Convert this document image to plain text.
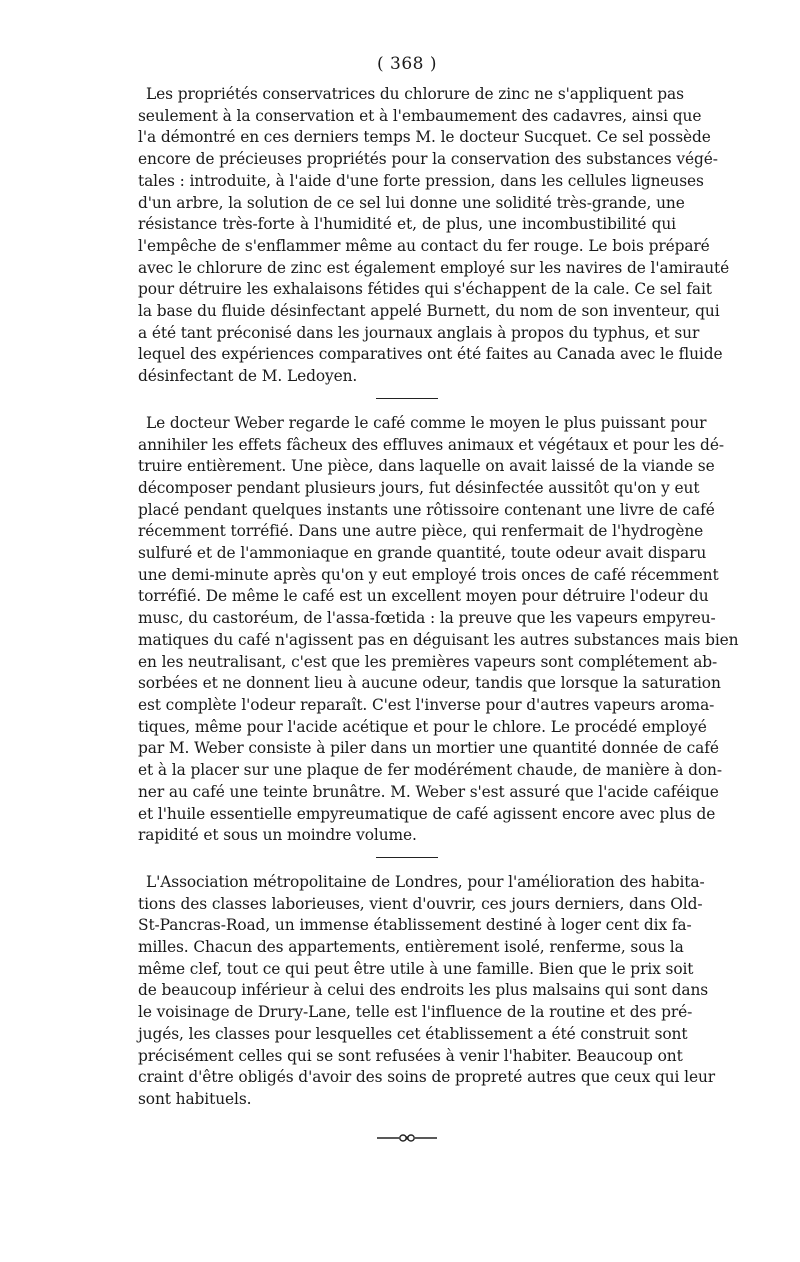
( 368 )
Les propriétés conservatrices du chlorure de zinc ne s'appliquent pas
seulement à la conservation et à l'embaumement des cadavres, ainsi que
l'a démontré en ces derniers temps M. le docteur Sucquet. Ce sel possède
encore de précieuses propriétés pour la conservation des substances végé-
tales : introduite, à l'aide d'une forte pression, dans les cellules ligneuses
d'un arbre, la solution de ce sel lui donne une solidité très-grande, une
résistance très-forte à l'humidité et, de plus, une incombustibilité qui
l'empêche de s'enflammer même au contact du fer rouge. Le bois préparé
avec le chlorure de zinc est également employé sur les navires de l'amirauté
pour détruire les exhalaisons fétides qui s'échappent de la cale. Ce sel fait
la base du fluide désinfectant appelé Burnett, du nom de son inventeur, qui
a été tant préconisé dans les journaux anglais à propos du typhus, et sur
lequel des expériences comparatives ont été faites au Canada avec le fluide
désinfectant de M. Ledoyen.
Le docteur Weber regarde le café comme le moyen le plus puissant pour
annihiler les effets fâcheux des effluves animaux et végétaux et pour les dé-
truire entièrement. Une pièce, dans laquelle on avait laissé de la viande se
décomposer pendant plusieurs jours, fut désinfectée aussitôt qu'on y eut
placé pendant quelques instants une rôtissoire contenant une livre de café
récemment torréfié. Dans une autre pièce, qui renfermait de l'hydrogène
sulfuré et de l'ammoniaque en grande quantité, toute odeur avait disparu
une demi-minute après qu'on y eut employé trois onces de café récemment
torréfié. De même le café est un excellent moyen pour détruire l'odeur du
musc, du castoréum, de l'assa-fœtida : la preuve que les vapeurs empyreu-
matiques du café n'agissent pas en déguisant les autres substances mais bien
en les neutralisant, c'est que les premières vapeurs sont complétement ab-
sorbées et ne donnent lieu à aucune odeur, tandis que lorsque la saturation
est complète l'odeur reparaît. C'est l'inverse pour d'autres vapeurs aroma-
tiques, même pour l'acide acétique et pour le chlore. Le procédé employé
par M. Weber consiste à piler dans un mortier une quantité donnée de café
et à la placer sur une plaque de fer modérément chaude, de manière à don-
ner au café une teinte brunâtre. M. Weber s'est assuré que l'acide caféique
et l'huile essentielle empyreumatique de café agissent encore avec plus de
rapidité et sous un moindre volume.
L'Association métropolitaine de Londres, pour l'amélioration des habita-
tions des classes laborieuses, vient d'ouvrir, ces jours derniers, dans Old-
St-Pancras-Road, un immense établissement destiné à loger cent dix fa-
milles. Chacun des appartements, entièrement isolé, renferme, sous la
même clef, tout ce qui peut être utile à une famille. Bien que le prix soit
de beaucoup inférieur à celui des endroits les plus malsains qui sont dans
le voisinage de Drury-Lane, telle est l'influence de la routine et des pré-
jugés, les classes pour lesquelles cet établissement a été construit sont
précisément celles qui se sont refusées à venir l'habiter. Beaucoup ont
craint d'être obligés d'avoir des soins de propreté autres que ceux qui leur
sont habituels.
